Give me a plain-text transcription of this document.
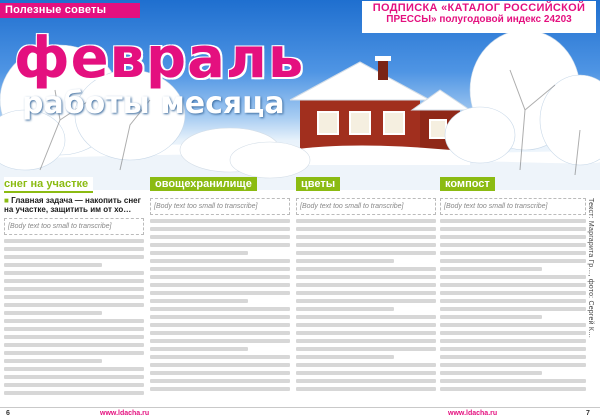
Полезные советы	ПОДПИСКА «КАТАЛОГ РОССИЙСКОЙ
ПРЕССЫ» полугодовой индекс 24203
февраль
работы месяца
Текст: Маргарита Гр…, фото: Сергей К…
снег на участке
■ Главная задача — накопить снег на участке, защитить им от хо…
[Body text too small to transcribe]
овощехранилище
[Body text too small to transcribe]
цветы
[Body text too small to transcribe]
компост
[Body text too small to transcribe]
6	www.ldacha.ru	www.ldacha.ru	7
